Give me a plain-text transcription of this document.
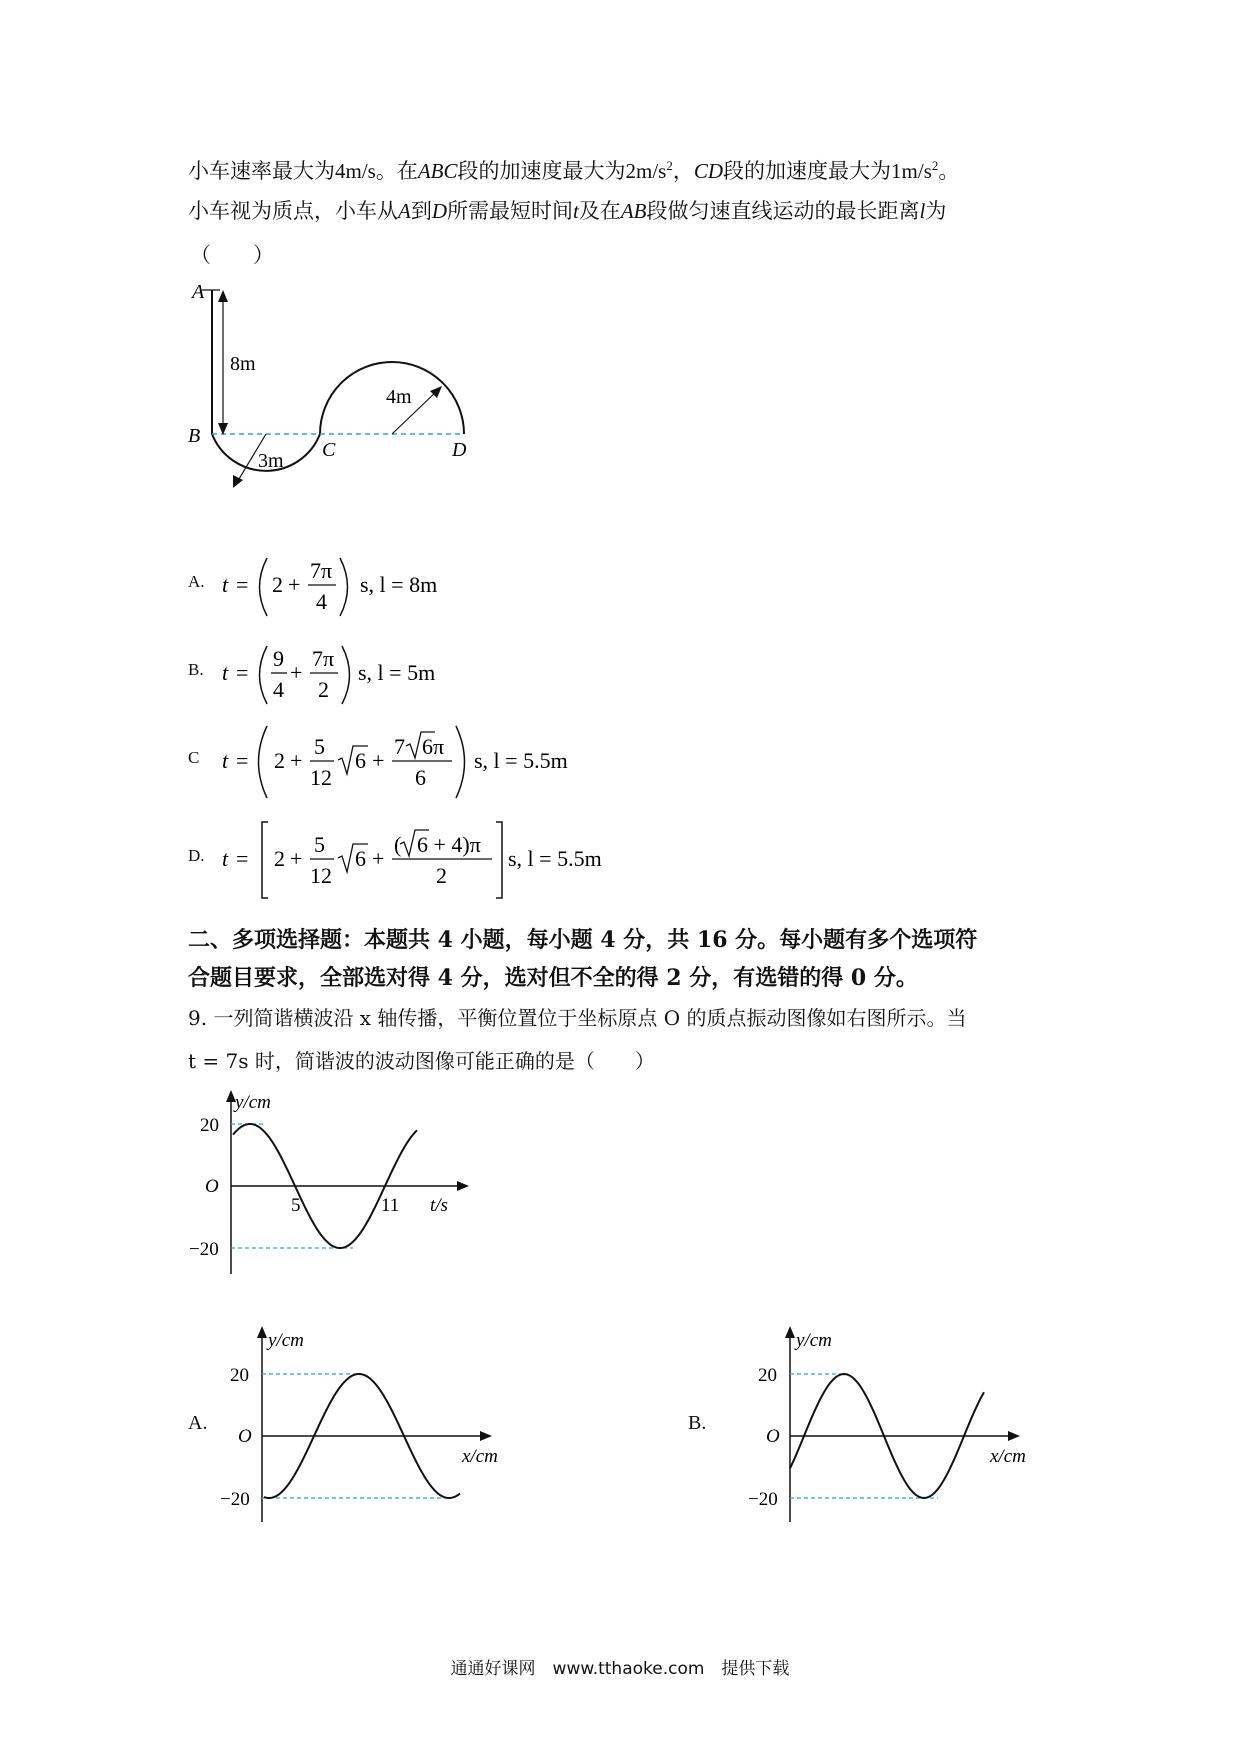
小车速率最大为4m/s。在ABC段的加速度最大为$2m/s^2$，CD段的加速度最大为$1m/s^2$。
小车视为质点，小车从A到D所需最短时间t及在AB段做匀速直线运动的最长距离l为
（　　）
A
B
C	D
8m
3m
4m
A. t = 2 +
7π
4
s, l = 8m
B. t =
9
4
+
7π
2
s, l = 5m
C t = 2 +
5
12
6 +
7 6π
6
s, l = 5.5m
D. t = 2 +
5
12
6 +
( 6 + 4)π
2
s, l = 5.5m
二、多项选择题：本题共 4 小题，每小题 4 分，共 16 分。每小题有多个选项符
合题目要求，全部选对得 4 分，选对但不全的得 2 分，有选错的得 0 分。
9. 一列简谐横波沿 x 轴传播，平衡位置位于坐标原点 O 的质点振动图像如右图所示。当
t = 7s 时，简谐波的波动图像可能正确的是（　　）
y/cm
t/s
O
20
−20
5	11
A.
y/cm
x/cm
O
20
−20
B.
y/cm
x/cm
O
20
−20
通通好课网　www.tthaoke.com　提供下载
